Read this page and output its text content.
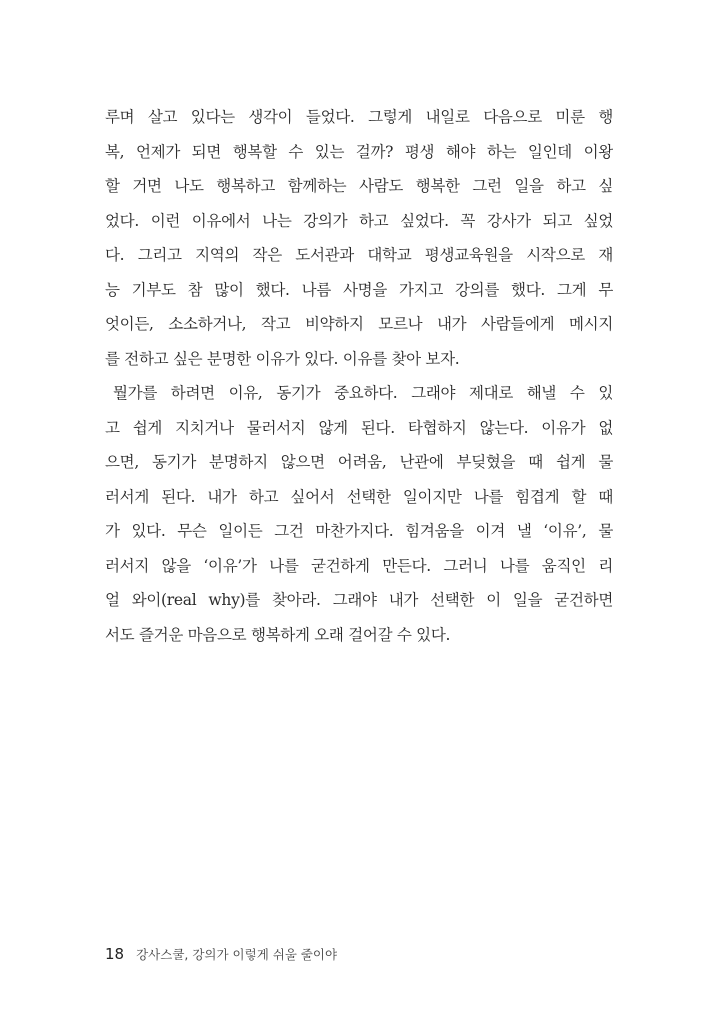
루며 살고 있다는 생각이 들었다. 그렇게 내일로 다음으로 미룬 행
복, 언제가 되면 행복할 수 있는 걸까? 평생 해야 하는 일인데 이왕
할 거면 나도 행복하고 함께하는 사람도 행복한 그런 일을 하고 싶
었다. 이런 이유에서 나는 강의가 하고 싶었다. 꼭 강사가 되고 싶었
다. 그리고 지역의 작은 도서관과 대학교 평생교육원을 시작으로 재
능 기부도 참 많이 했다. 나름 사명을 가지고 강의를 했다. 그게 무
엇이든, 소소하거나, 작고 비약하지 모르나 내가 사람들에게 메시지
를 전하고 싶은 분명한 이유가 있다. 이유를 찾아 보자.
뭘가를 하려면 이유, 동기가 중요하다. 그래야 제대로 해낼 수 있
고 쉽게 지치거나 물러서지 않게 된다. 타협하지 않는다. 이유가 없
으면, 동기가 분명하지 않으면 어려움, 난관에 부딪혔을 때 쉽게 물
러서게 된다. 내가 하고 싶어서 선택한 일이지만 나를 힘겹게 할 때
가 있다. 무슨 일이든 그건 마찬가지다. 힘겨움을 이겨 낼 ‘이유’, 물
러서지 않을 ‘이유’가 나를 굳건하게 만든다. 그러니 나를 움직인 리
얼 와이(real why)를 찾아라. 그래야 내가 선택한 이 일을 굳건하면
서도 즐거운 마음으로 행복하게 오래 걸어갈 수 있다.
18 강사스쿨, 강의가 이렇게 쉬울 줄이야
